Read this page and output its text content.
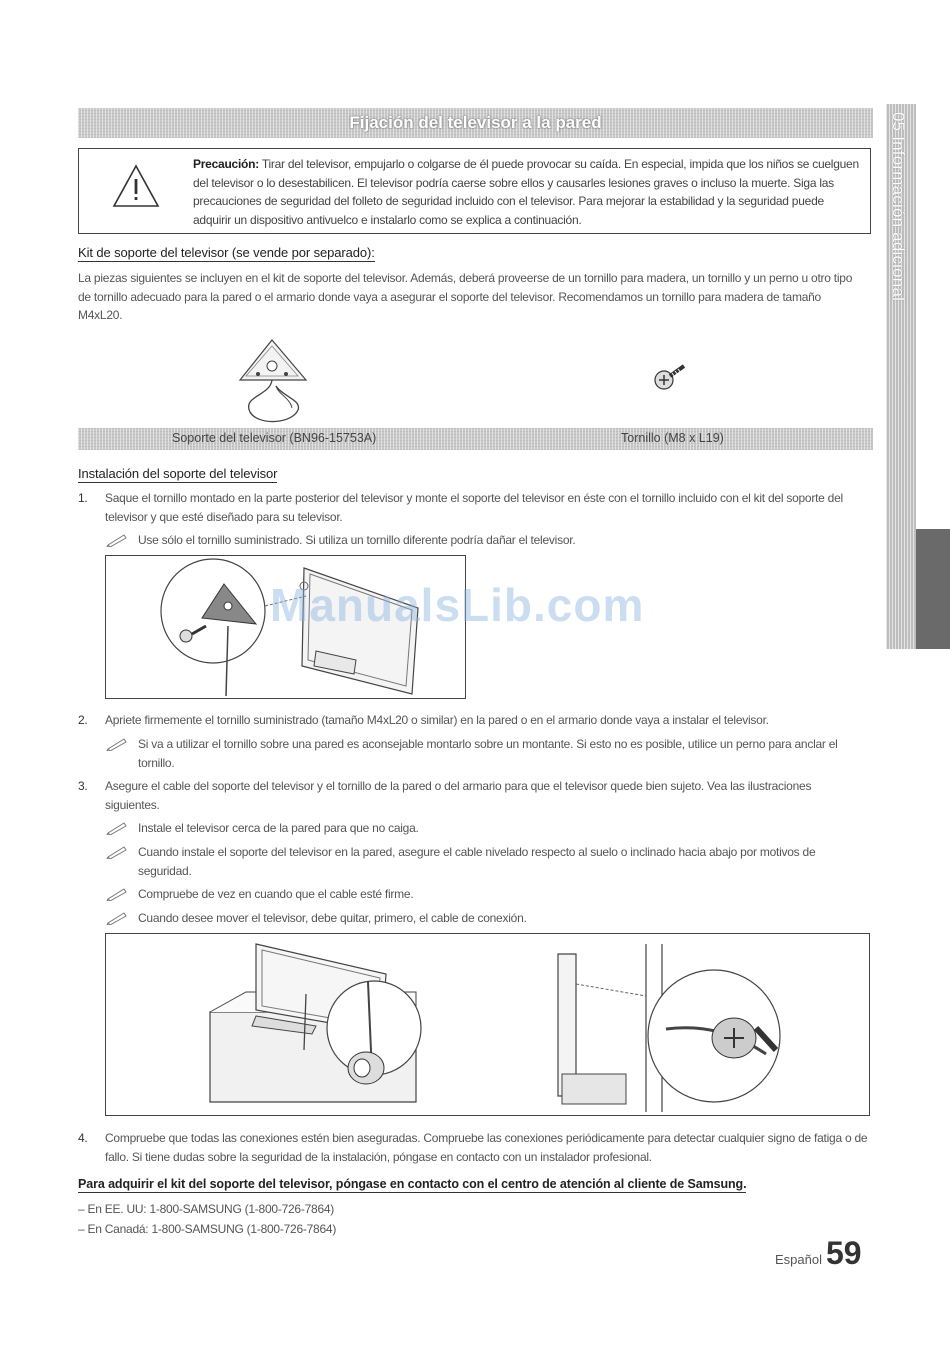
05 Información adicional
Fijación del televisor a la pared
Precaución: Tirar del televisor, empujarlo o colgarse de él puede provocar su caída. En especial, impida que los niños se cuelguen del televisor o lo desestabilicen. El televisor podría caerse sobre ellos y causarles lesiones graves o incluso la muerte. Siga las precauciones de seguridad del folleto de seguridad incluido con el televisor. Para mejorar la estabilidad y la seguridad puede adquirir un dispositivo antivuelco e instalarlo como se explica a continuación.
Kit de soporte del televisor (se vende por separado):
La piezas siguientes se incluyen en el kit de soporte del televisor. Además, deberá proveerse de un tornillo para madera, un tornillo y un perno u otro tipo de tornillo adecuado para la pared o el armario donde vaya a asegurar el soporte del televisor. Recomendamos un tornillo para madera de tamaño M4xL20.
Soporte del televisor (BN96-15753A)	Tornillo (M8 x L19)
Instalación del soporte del televisor
1. Saque el tornillo montado en la parte posterior del televisor y monte el soporte del televisor en éste con el tornillo incluido con el kit del soporte del televisor y que esté diseñado para su televisor.
Use sólo el tornillo suministrado. Si utiliza un tornillo diferente podría dañar el televisor.
ManualsLib.com
2. Apriete firmemente el tornillo suministrado (tamaño M4xL20 o similar) en la pared o en el armario donde vaya a instalar el televisor.
Si va a utilizar el tornillo sobre una pared es aconsejable montarlo sobre un montante. Si esto no es posible, utilice un perno para anclar el tornillo.
3. Asegure el cable del soporte del televisor y el tornillo de la pared o del armario para que el televisor quede bien sujeto. Vea las ilustraciones siguientes.
Instale el televisor cerca de la pared para que no caiga.
Cuando instale el soporte del televisor en la pared, asegure el cable nivelado respecto al suelo o inclinado hacia abajo por motivos de seguridad.
Compruebe de vez en cuando que el cable esté firme.
Cuando desee mover el televisor, debe quitar, primero, el cable de conexión.
4. Compruebe que todas las conexiones estén bien aseguradas. Compruebe las conexiones periódicamente para detectar cualquier signo de fatiga o de fallo. Si tiene dudas sobre la seguridad de la instalación, póngase en contacto con un instalador profesional.
Para adquirir el kit del soporte del televisor, póngase en contacto con el centro de atención al cliente de Samsung.
– En EE. UU: 1-800-SAMSUNG (1-800-726-7864)
– En Canadá: 1-800-SAMSUNG (1-800-726-7864)
Español 59
